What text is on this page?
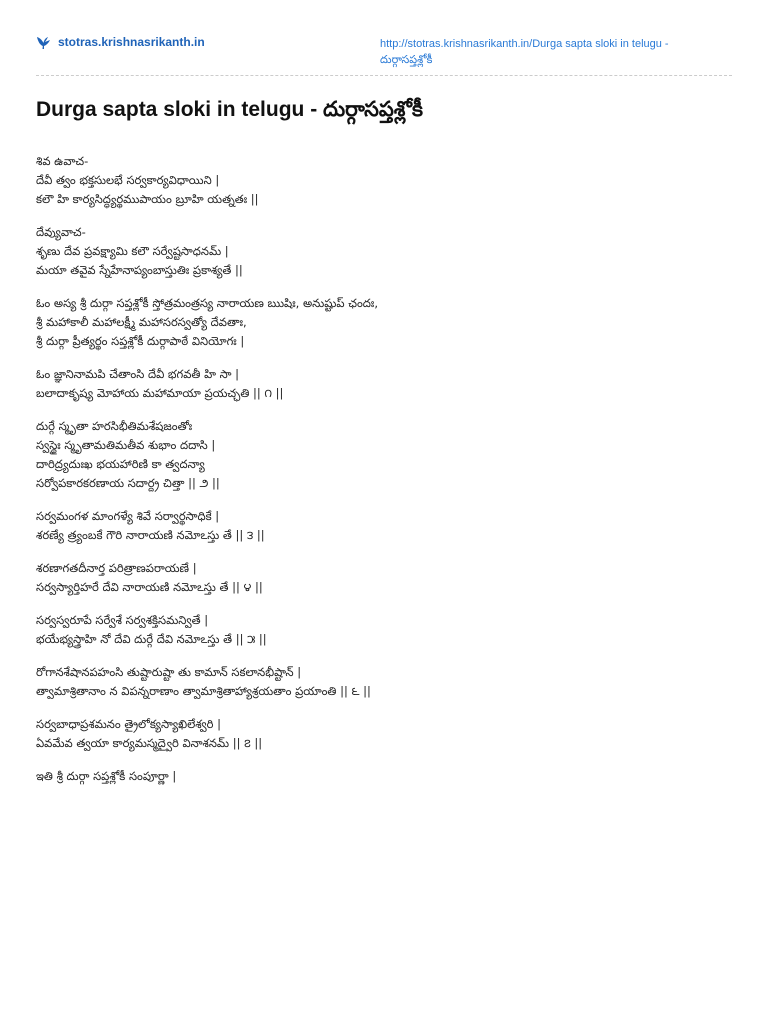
stotras.krishnasrikanth.in	http://stotras.krishnasrikanth.in/Durga sapta sloki in telugu - దుర్గాసప్తశ్లోకీ
Durga sapta sloki in telugu - దుర్గాసప్తశ్లోకీ
శివ ఉవాచ-
దేవీ త్వం భక్తసులభే సర్వకార్యవిధాయిని |
కలౌ హి కార్యసిద్ధ్యర్థముపాయం బ్రూహి యత్నతః ||
దేవ్యువాచ-
శృణు దేవ ప్రవక్ష్యామి కలౌ సర్వేష్టసాధనమ్ |
మయా తవైవ స్నేహేనాప్యంబాస్తుతిః ప్రకాశ్యతే ||
ఓం అస్య శ్రీ దుర్గా సప్తశ్లోకీ స్తోత్రమంత్రస్య నారాయణ ఋషిః, అనుష్టుప్ ఛందః,
శ్రీ మహాకాలీ మహాలక్ష్మీ మహాసరస్వత్యో దేవతాః,
శ్రీ దుర్గా ప్రీత్యర్థం సప్తశ్లోకీ దుర్గాపాఠే వినియోగః |
ఓం జ్ఞానినామపి చేతాంసి దేవీ భగవతీ హి సా |
బలాదాకృష్య మోహాయ మహామాయా ప్రయచ్ఛతి || ౧ ||
దుర్గే స్మృతా హరసిభీతిమశేషజంతోః
స్వస్థైః స్మృతామతిమతీవ శుభాం దదాసి |
దారిద్ర్యదుఃఖ భయహారిణి కా త్వదన్యా
సర్వోపకారకరణాయ సదార్ద్ర చిత్తా || ౨ ||
సర్వమంగళ మాంగళ్యే శివే సర్వార్థసాధికే |
శరణ్యే త్ర్యంబకే గౌరి నారాయణి నమోఽస్తు తే || ౩ ||
శరణాగతదీనార్త పరిత్రాణపరాయణే |
సర్వస్యార్తిహరే దేవి నారాయణి నమోఽస్తు తే || ౪ ||
సర్వస్వరూపే సర్వేశే సర్వశక్తిసమన్వితే |
భయేభ్యస్త్రాహి నో దేవి దుర్గే దేవి నమోఽస్తు తే || ౫ ||
రోగానశేషానపహంసి తుష్టారుష్టా తు కామాన్ సకలానభీష్టాన్ |
త్వామాశ్రితానాం న విపన్నరాణాం త్వామాశ్రితాహ్యాశ్రయతాం ప్రయాంతి || ౬ ||
సర్వబాధాప్రశమనం త్రైలోక్యస్యాఖిలేశ్వరి |
ఏవమేవ త్వయా కార్యమస్మద్వైరి వినాశనమ్ || ౭ ||
ఇతి శ్రీ దుర్గా సప్తశ్లోకీ సంపూర్ణా |
